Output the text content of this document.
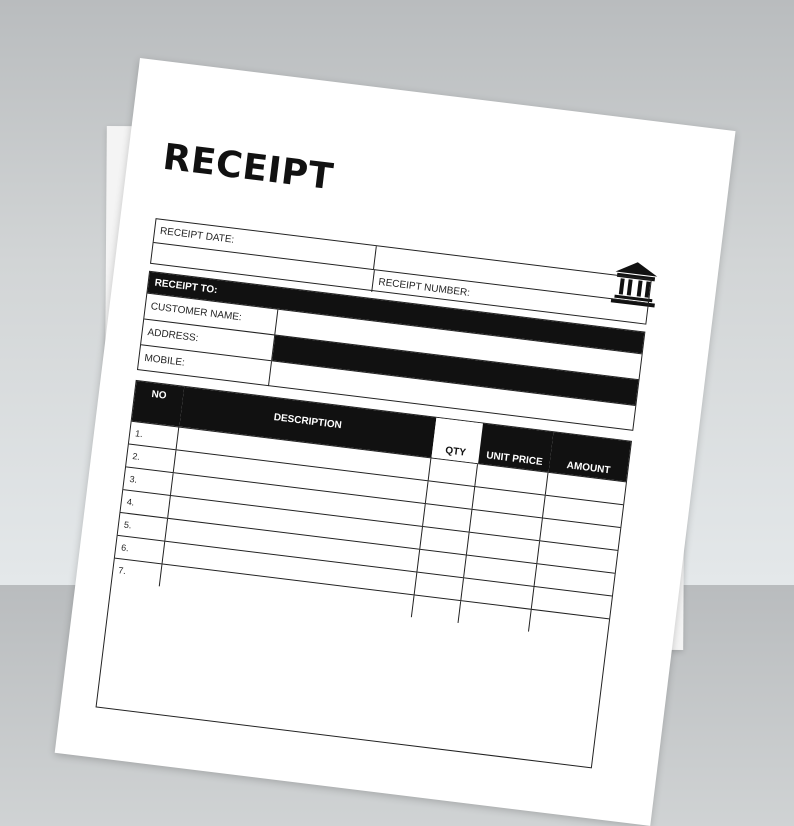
RECEIPT
RECEIPT DATE:
RECEIPT NUMBER:
RECEIPT TO:
CUSTOMER NAME:
ADDRESS:
MOBILE:
NO
DESCRIPTION
QTY	UNIT PRICE
AMOUNT
1.
2.
3.
4.
5.
6.
7.
